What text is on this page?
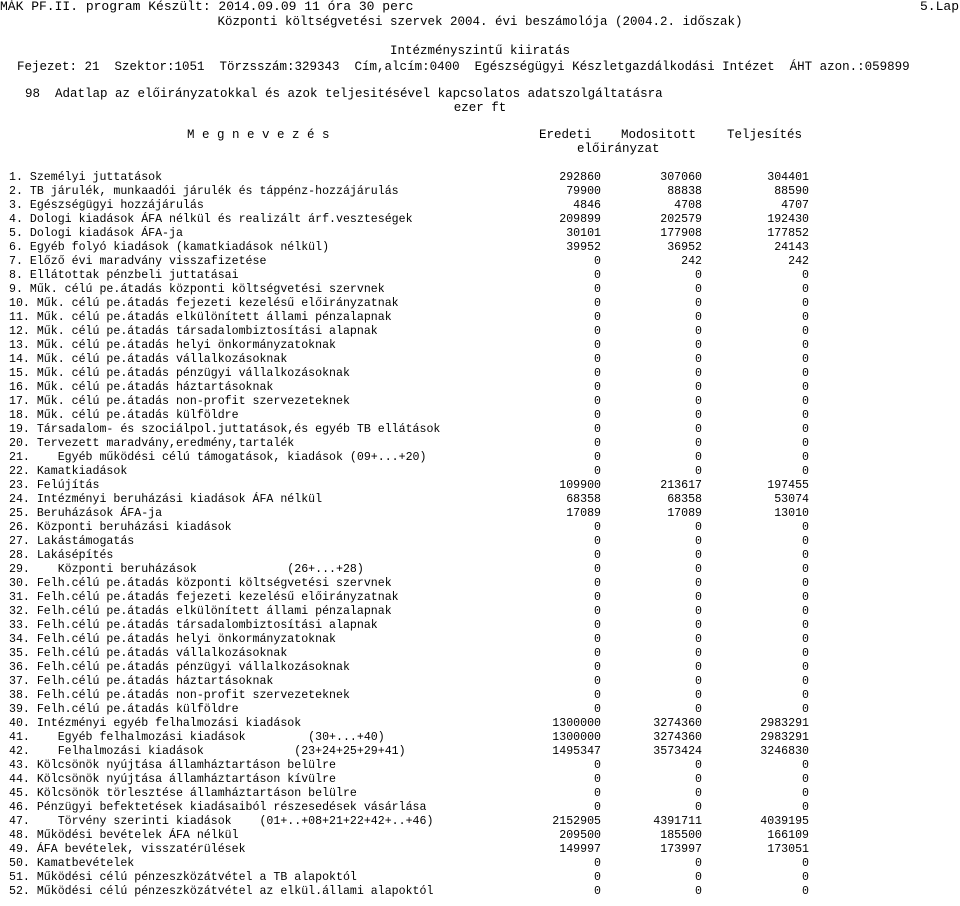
MÁK PF.II. program Készült: 2014.09.09 11 óra 30 perc	5.Lap
Központi költségvetési szervek 2004. évi beszámolója (2004.2. időszak)
Intézményszintű kiiratás
Fejezet: 21  Szektor:1051  Törzsszám:329343  Cím,alcím:0400  Egészségügyi Készletgazdálkodási Intézet  ÁHT azon.:059899
98  Adatlap az előirányzatokkal és azok teljesitésével kapcsolatos adatszolgáltatásra
ezer ft
M e g n e v e z é s	Eredeti Modositott Teljesítés
előirányzat
1. Személyi juttatások	292860	307060	304401
2. TB járulék, munkaadói járulék és táppénz-hozzájárulás	79900	88838	88590
3. Egészségügyi hozzájárulás	4846	4708	4707
4. Dologi kiadások ÁFA nélkül és realizált árf.veszteségek	209899	202579	192430
5. Dologi kiadások ÁFA-ja	30101	177908	177852
6. Egyéb folyó kiadások (kamatkiadások nélkül)	39952	36952	24143
7. Előző évi maradvány visszafizetése	0	242	242
8. Ellátottak pénzbeli juttatásai	0	0	0
9. Műk. célú pe.átadás központi költségvetési szervnek	0	0	0
10. Műk. célú pe.átadás fejezeti kezelésű előirányzatnak	0	0	0
11. Műk. célú pe.átadás elkülönített állami pénzalapnak	0	0	0
12. Műk. célú pe.átadás társadalombiztosítási alapnak	0	0	0
13. Műk. célú pe.átadás helyi önkormányzatoknak	0	0	0
14. Műk. célú pe.átadás vállalkozásoknak	0	0	0
15. Műk. célú pe.átadás pénzügyi vállalkozásoknak	0	0	0
16. Műk. célú pe.átadás háztartásoknak	0	0	0
17. Műk. célú pe.átadás non-profit szervezeteknek	0	0	0
18. Műk. célú pe.átadás külföldre	0	0	0
19. Társadalom- és szociálpol.juttatások,és egyéb TB ellátások	0	0	0
20. Tervezett maradvány,eredmény,tartalék	0	0	0
21.    Egyéb működési célú támogatások, kiadások (09+...+20)	0	0	0
22. Kamatkiadások	0	0	0
23. Felújítás	109900	213617	197455
24. Intézményi beruházási kiadások ÁFA nélkül	68358	68358	53074
25. Beruházások ÁFA-ja	17089	17089	13010
26. Központi beruházási kiadások	0	0	0
27. Lakástámogatás	0	0	0
28. Lakásépítés	0	0	0
29.    Központi beruházások             (26+...+28)	0	0	0
30. Felh.célú pe.átadás központi költségvetési szervnek	0	0	0
31. Felh.célú pe.átadás fejezeti kezelésű előirányzatnak	0	0	0
32. Felh.célú pe.átadás elkülönített állami pénzalapnak	0	0	0
33. Felh.célú pe.átadás társadalombiztosítási alapnak	0	0	0
34. Felh.célú pe.átadás helyi önkormányzatoknak	0	0	0
35. Felh.célú pe.átadás vállalkozásoknak	0	0	0
36. Felh.célú pe.átadás pénzügyi vállalkozásoknak	0	0	0
37. Felh.célú pe.átadás háztartásoknak	0	0	0
38. Felh.célú pe.átadás non-profit szervezeteknek	0	0	0
39. Felh.célú pe.átadás külföldre	0	0	0
40. Intézményi egyéb felhalmozási kiadások	1300000	3274360	2983291
41.    Egyéb felhalmozási kiadások         (30+...+40)	1300000	3274360	2983291
42.    Felhalmozási kiadások             (23+24+25+29+41)	1495347	3573424	3246830
43. Kölcsönök nyújtása államháztartáson belülre	0	0	0
44. Kölcsönök nyújtása államháztartáson kívülre	0	0	0
45. Kölcsönök törlesztése államháztartáson belülre	0	0	0
46. Pénzügyi befektetések kiadásaiból részesedések vásárlása	0	0	0
47.    Törvény szerinti kiadások    (01+..+08+21+22+42+..+46)	2152905	4391711	4039195
48. Működési bevételek ÁFA nélkül	209500	185500	166109
49. ÁFA bevételek, visszatérülések	149997	173997	173051
50. Kamatbevételek	0	0	0
51. Működési célú pénzeszközátvétel a TB alapoktól	0	0	0
52. Működési célú pénzeszközátvétel az elkül.állami alapoktól	0	0	0
